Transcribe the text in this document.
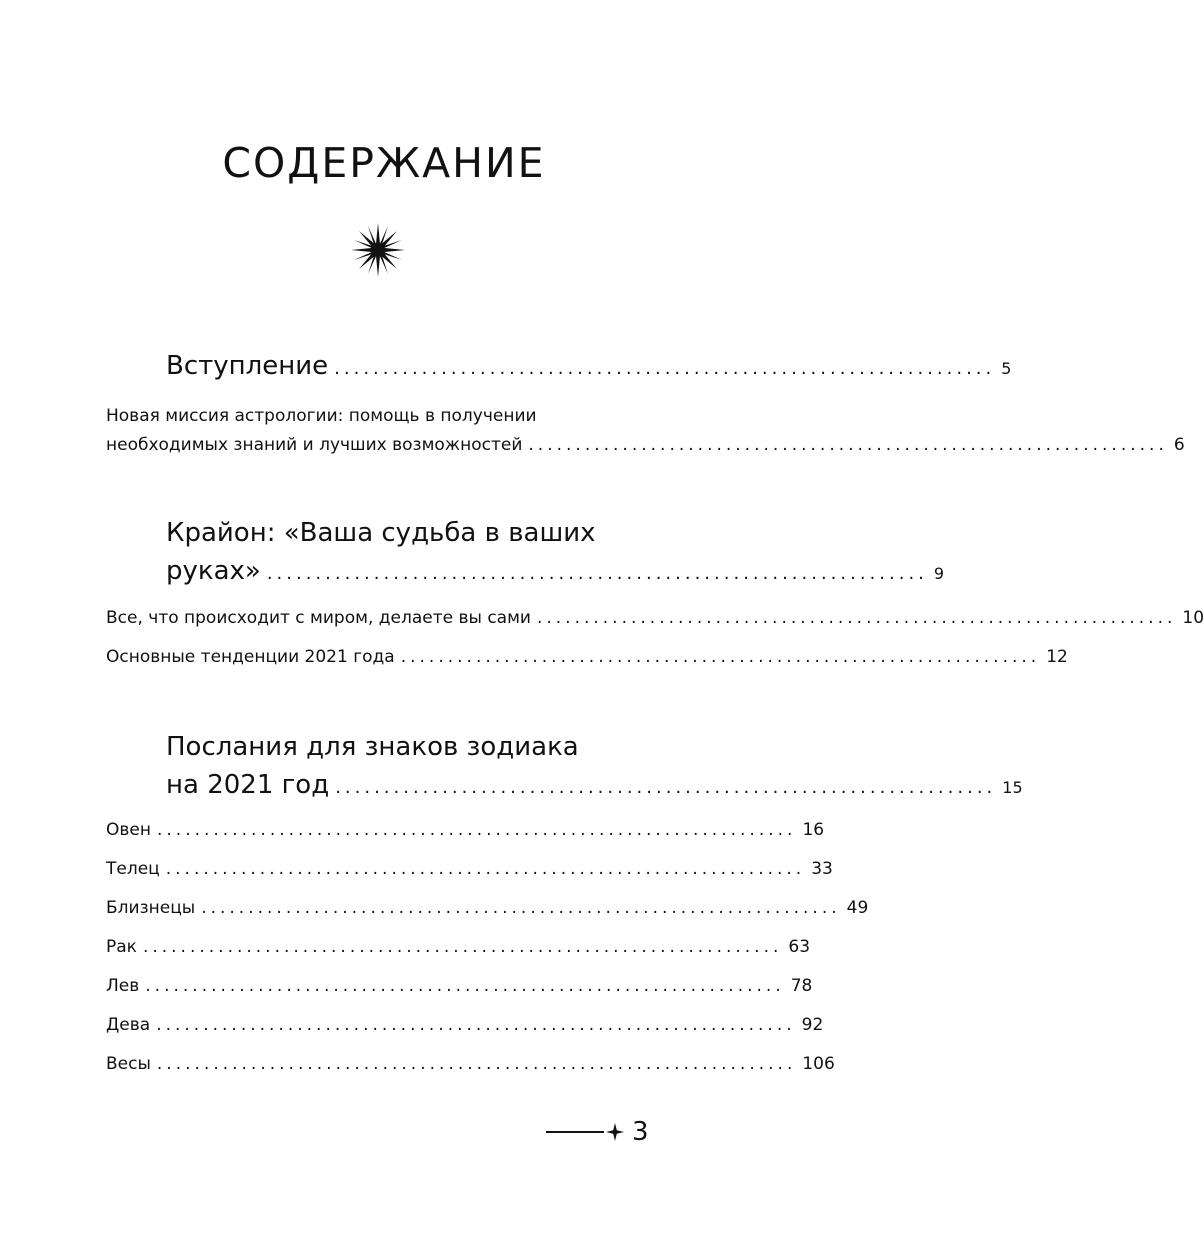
СОДЕРЖАНИЕ
Вступление .................................................................... 5
Новая миссия астрологии: помощь в получении
необходимых знаний и лучших возможностей .................................................................... 6
Крайон: «Ваша судьба в ваших
руках» .................................................................... 9
Все, что происходит с миром, делаете вы сами .................................................................... 10
Основные тенденции 2021 года .................................................................... 12
Послания для знаков зодиака
на 2021 год .................................................................... 15
Овен .................................................................... 16
Телец .................................................................... 33
Близнецы .................................................................... 49
Рак .................................................................... 63
Лев .................................................................... 78
Дева .................................................................... 92
Весы .................................................................... 106
3
